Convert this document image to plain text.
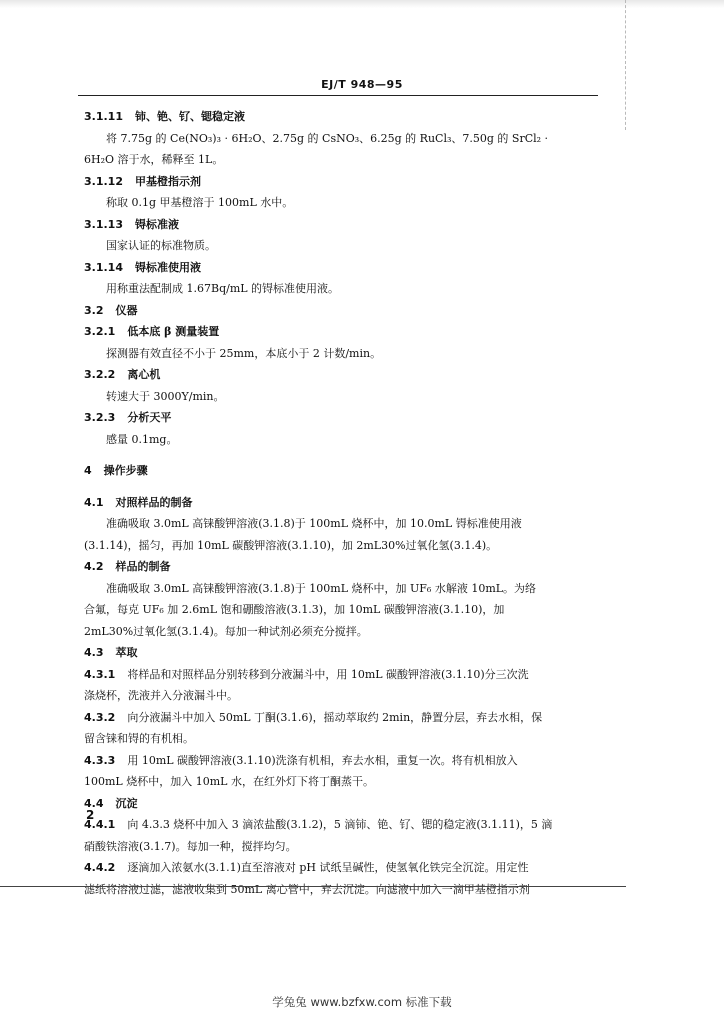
EJ/T 948—95
3.1.11 铈、铯、钌、锶稳定液
将 7.75g 的 Ce(NO₃)₃ · 6H₂O、2.75g 的 CsNO₃、6.25g 的 RuCl₃、7.50g 的 SrCl₂ ·
6H₂O 溶于水，稀释至 1L。
3.1.12 甲基橙指示剂
称取 0.1g 甲基橙溶于 100mL 水中。
3.1.13 锝标准液
国家认证的标准物质。
3.1.14 锝标准使用液
用称重法配制成 1.67Bq/mL 的锝标准使用液。
3.2 仪器
3.2.1 低本底 β 测量装置
探测器有效直径不小于 25mm，本底小于 2 计数/min。
3.2.2 离心机
转速大于 3000Y/min。
3.2.3 分析天平
感量 0.1mg。
4 操作步骤
4.1 对照样品的制备
准确吸取 3.0mL 高铼酸钾溶液(3.1.8)于 100mL 烧杯中，加 10.0mL 锝标准使用液
(3.1.14)，摇匀，再加 10mL 碳酸钾溶液(3.1.10)，加 2mL30%过氧化氢(3.1.4)。
4.2 样品的制备
准确吸取 3.0mL 高铼酸钾溶液(3.1.8)于 100mL 烧杯中，加 UF₆ 水解液 10mL。为络
合氟，每克 UF₆ 加 2.6mL 饱和硼酸溶液(3.1.3)，加 10mL 碳酸钾溶液(3.1.10)，加
2mL30%过氧化氢(3.1.4)。每加一种试剂必须充分搅拌。
4.3 萃取
4.3.1 将样品和对照样品分别转移到分液漏斗中，用 10mL 碳酸钾溶液(3.1.10)分三次洗
涤烧杯，洗液并入分液漏斗中。
4.3.2 向分液漏斗中加入 50mL 丁酮(3.1.6)，摇动萃取约 2min，静置分层，弃去水相，保
留含铼和锝的有机相。
4.3.3 用 10mL 碳酸钾溶液(3.1.10)洗涤有机相，弃去水相，重复一次。将有机相放入
100mL 烧杯中，加入 10mL 水，在红外灯下将丁酮蒸干。
4.4 沉淀
4.4.1 向 4.3.3 烧杯中加入 3 滴浓盐酸(3.1.2)，5 滴铈、铯、钌、锶的稳定液(3.1.11)，5 滴
硝酸铁溶液(3.1.7)。每加一种，搅拌均匀。
4.4.2 逐滴加入浓氨水(3.1.1)直至溶液对 pH 试纸呈碱性，使氢氧化铁完全沉淀。用定性
滤纸将溶液过滤，滤液收集到 50mL 离心管中，弃去沉淀。向滤液中加入一滴甲基橙指示剂
2
学兔兔 www.bzfxw.com 标准下载
